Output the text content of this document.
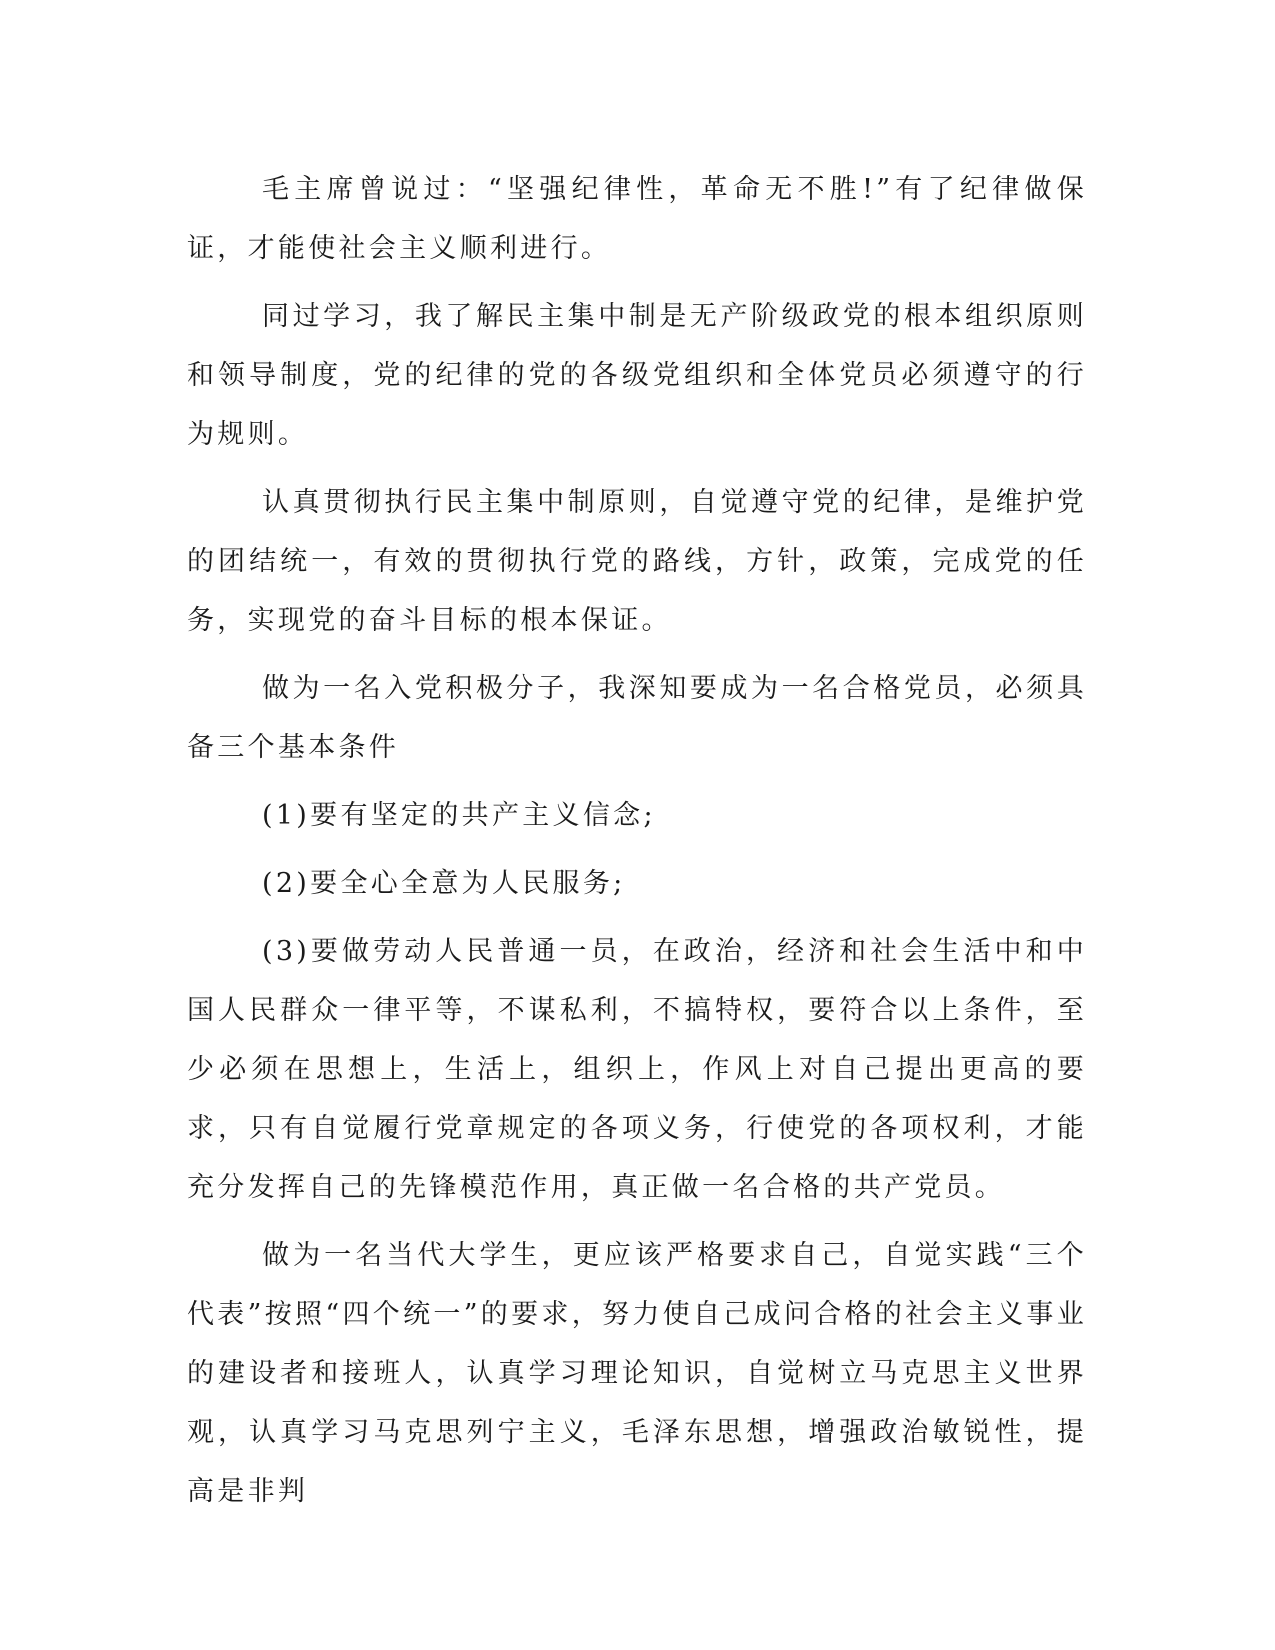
毛主席曾说过：“坚强纪律性，革命无不胜!”有了纪律做保证，才能使社会主义顺利进行。

同过学习，我了解民主集中制是无产阶级政党的根本组织原则和领导制度，党的纪律的党的各级党组织和全体党员必须遵守的行为规则。

认真贯彻执行民主集中制原则，自觉遵守党的纪律，是维护党的团结统一，有效的贯彻执行党的路线，方针，政策，完成党的任务，实现党的奋斗目标的根本保证。

做为一名入党积极分子，我深知要成为一名合格党员，必须具备三个基本条件

(1)要有坚定的共产主义信念;

(2)要全心全意为人民服务;

(3)要做劳动人民普通一员，在政治，经济和社会生活中和中国人民群众一律平等，不谋私利，不搞特权，要符合以上条件，至少必须在思想上，生活上，组织上，作风上对自己提出更高的要求，只有自觉履行党章规定的各项义务，行使党的各项权利，才能充分发挥自己的先锋模范作用，真正做一名合格的共产党员。

做为一名当代大学生，更应该严格要求自己，自觉实践“三个代表”按照“四个统一”的要求，努力使自己成问合格的社会主义事业的建设者和接班人，认真学习理论知识，自觉树立马克思主义世界观，认真学习马克思列宁主义，毛泽东思想，增强政治敏锐性，提高是非判
